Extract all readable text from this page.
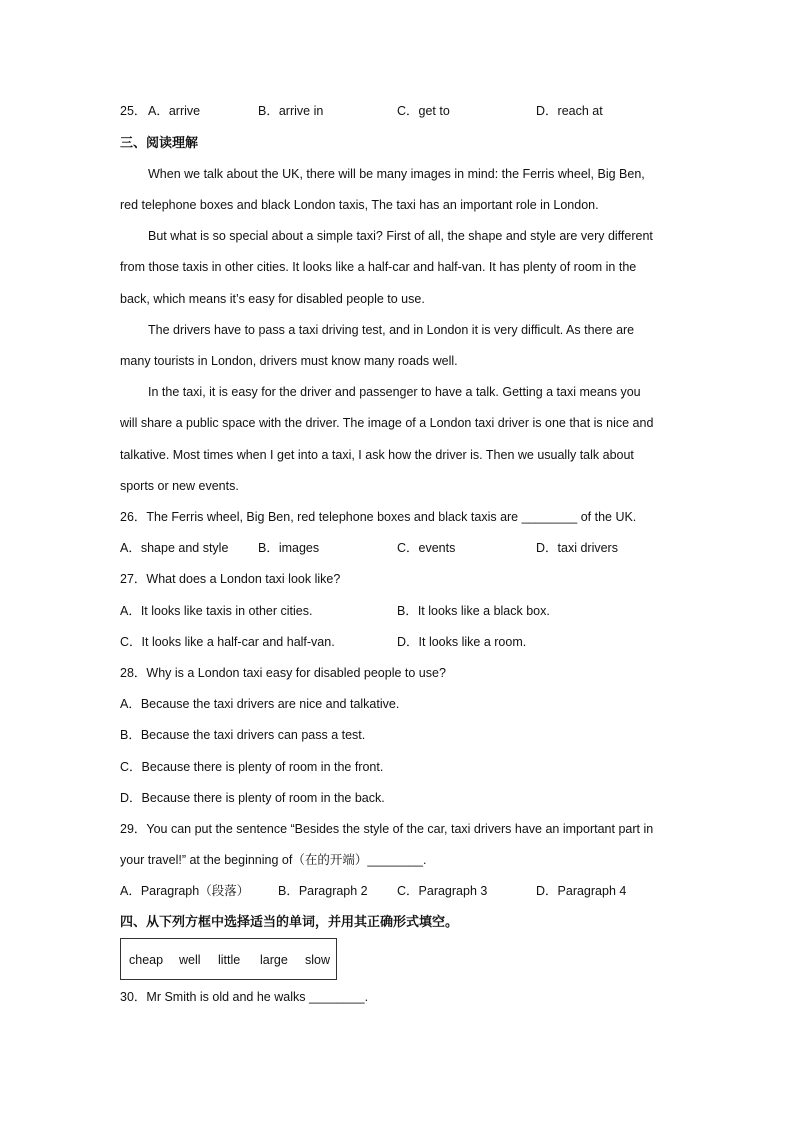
25． A．arrive	B．arrive in	C．get to	D．reach at
三、阅读理解
When we talk about the UK, there will be many images in mind: the Ferris wheel, Big Ben,
red telephone boxes and black London taxis, The taxi has an important role in London.
But what is so special about a simple taxi? First of all, the shape and style are very different
from those taxis in other cities. It looks like a half-car and half-van. It has plenty of room in the
back, which means it’s easy for disabled people to use.
The drivers have to pass a taxi driving test, and in London it is very difficult. As there are
many tourists in London, drivers must know many roads well.
In the taxi, it is easy for the driver and passenger to have a talk. Getting a taxi means you
will share a public space with the driver. The image of a London taxi driver is one that is nice and
talkative. Most times when I get into a taxi, I ask how the driver is. Then we usually talk about
sports or new events.
26．The Ferris wheel, Big Ben, red telephone boxes and black taxis are ________ of the UK.
A．shape and style B．images	C．events	D．taxi drivers
27．What does a London taxi look like?
A．It looks like taxis in other cities.	B．It looks like a black box.
C．It looks like a half-car and half-van.	D．It looks like a room.
28．Why is a London taxi easy for disabled people to use?
A．Because the taxi drivers are nice and talkative.
B．Because the taxi drivers can pass a test.
C．Because there is plenty of room in the front.
D．Because there is plenty of room in the back.
29．You can put the sentence “Besides the style of the car, taxi drivers have an important part in
your travel!” at the beginning of（在的开端）________.
A．Paragraph（段落） B．Paragraph 2 C．Paragraph 3	D．Paragraph 4
四、从下列方框中选择适当的单词，并用其正确形式填空。
cheap well little large slow
30．Mr Smith is old and he walks ________.
